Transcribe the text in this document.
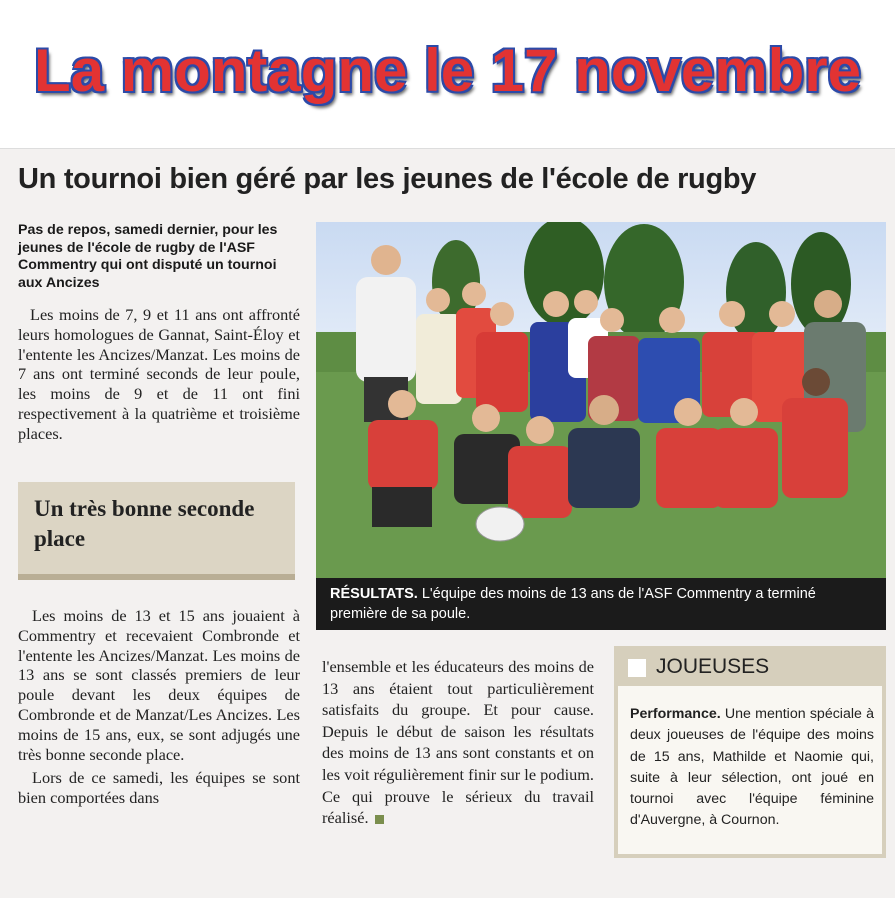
La montagne le 17 novembre
Un tournoi bien géré par les jeunes de l'école de rugby

Pas de repos, samedi dernier, pour les jeunes de l'école de rugby de l'ASF Commentry qui ont disputé un tournoi aux Ancizes

Les moins de 7, 9 et 11 ans ont affronté leurs homologues de Gannat, Saint-Éloy et l'entente les Ancizes/Manzat. Les moins de 7 ans ont terminé seconds de leur poule, les moins de 9 et de 11 ont fini respectivement à la quatrième et troisième places.

Un très bonne seconde place
Les moins de 13 et 15 ans jouaient à Commentry et recevaient Combronde et l'entente les Ancizes/Manzat. Les moins de 13 ans se sont classés premiers de leur poule devant les deux équipes de Combronde et de Manzat/Les Ancizes. Les moins de 15 ans, eux, se sont adjugés une très bonne seconde place.
Lors de ce samedi, les équipes se sont bien comportées dans
RÉSULTATS. L'équipe des moins de 13 ans de l'ASF Commentry a terminé première de sa poule.

l'ensemble et les éducateurs des moins de 13 ans étaient tout particulièrement satisfaits du groupe. Et pour cause. Depuis le début de saison les résultats des moins de 13 ans sont constants et on les voit régulièrement finir sur le podium. Ce qui prouve le sérieux du travail réalisé.

JOUEUSES

Performance. Une mention spéciale à deux joueuses de l'équipe des moins de 15 ans, Mathilde et Naomie qui, suite à leur sélection, ont joué en tournoi avec l'équipe féminine d'Auvergne, à Cournon.
